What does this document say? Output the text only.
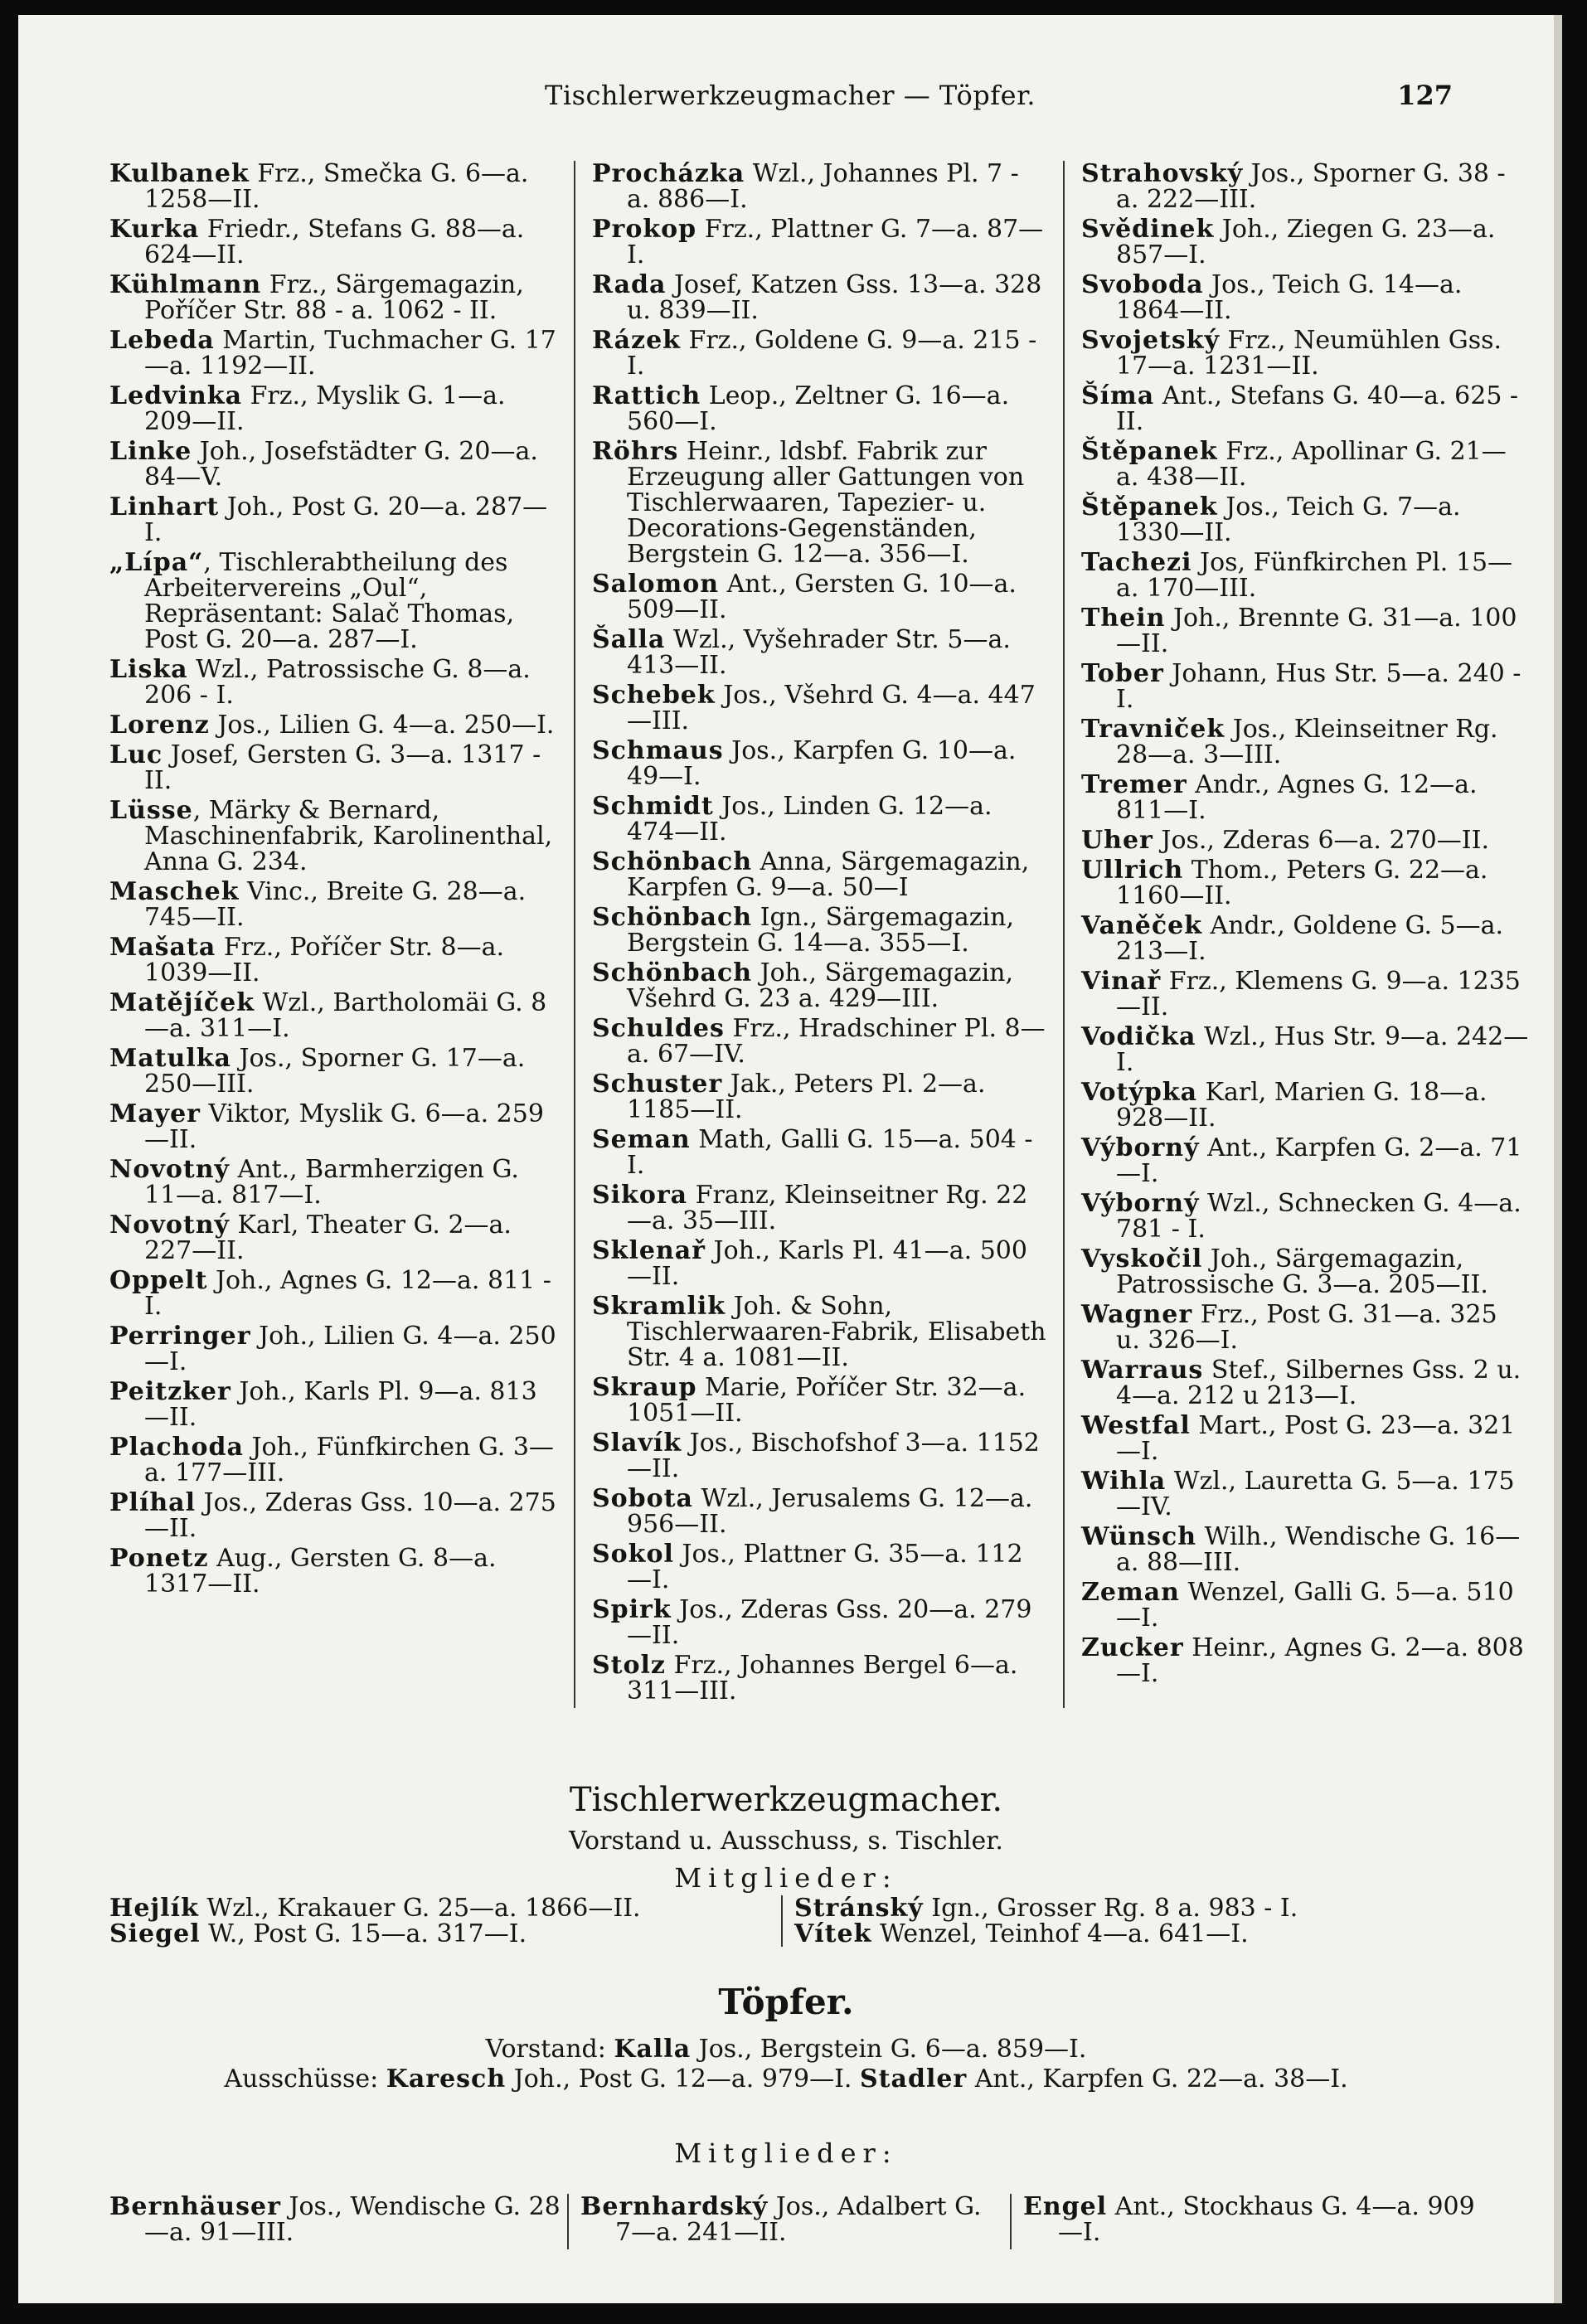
Tischlerwerkzeugmacher — Töpfer.	127
Kulbanek Frz., Smečka G. 6—a. 1258—II.
Kurka Friedr., Stefans G. 88—a. 624—II.
Kühlmann Frz., Särgemagazin, Poříčer Str. 88 - a. 1062 - II.
Lebeda Martin, Tuchmacher G. 17—a. 1192—II.
Ledvinka Frz., Myslik G. 1—a. 209—II.
Linke Joh., Josefstädter G. 20—a. 84—V.
Linhart Joh., Post G. 20—a. 287—I.
„Lípa“, Tischlerabtheilung des Arbeitervereins „Oul“, Repräsentant: Salač Thomas, Post G. 20—a. 287—I.
Liska Wzl., Patrossische G. 8—a. 206 - I.
Lorenz Jos., Lilien G. 4—a. 250—I.
Luc Josef, Gersten G. 3—a. 1317 - II.
Lüsse, Märky & Bernard, Maschinenfabrik, Karolinenthal, Anna G. 234.
Maschek Vinc., Breite G. 28—a. 745—II.
Mašata Frz., Poříčer Str. 8—a. 1039—II.
Matějíček Wzl., Bartholomäi G. 8—a. 311—I.
Matulka Jos., Sporner G. 17—a. 250—III.
Mayer Viktor, Myslik G. 6—a. 259—II.
Novotný Ant., Barmherzigen G. 11—a. 817—I.
Novotný Karl, Theater G. 2—a. 227—II.
Oppelt Joh., Agnes G. 12—a. 811 - I.
Perringer Joh., Lilien G. 4—a. 250—I.
Peitzker Joh., Karls Pl. 9—a. 813—II.
Plachoda Joh., Fünfkirchen G. 3—a. 177—III.
Plíhal Jos., Zderas Gss. 10—a. 275—II.
Ponetz Aug., Gersten G. 8—a. 1317—II.
Procházka Wzl., Johannes Pl. 7 - a. 886—I.
Prokop Frz., Plattner G. 7—a. 87—I.
Rada Josef, Katzen Gss. 13—a. 328 u. 839—II.
Rázek Frz., Goldene G. 9—a. 215 - I.
Rattich Leop., Zeltner G. 16—a. 560—I.
Röhrs Heinr., ldsbf. Fabrik zur Erzeugung aller Gattungen von Tischlerwaaren, Tapezier- u. Decorations-Gegenständen, Bergstein G. 12—a. 356—I.
Salomon Ant., Gersten G. 10—a. 509—II.
Šalla Wzl., Vyšehrader Str. 5—a. 413—II.
Schebek Jos., Všehrd G. 4—a. 447—III.
Schmaus Jos., Karpfen G. 10—a. 49—I.
Schmidt Jos., Linden G. 12—a. 474—II.
Schönbach Anna, Särgemagazin, Karpfen G. 9—a. 50—I
Schönbach Ign., Särgemagazin, Bergstein G. 14—a. 355—I.
Schönbach Joh., Särgemagazin, Všehrd G. 23 a. 429—III.
Schuldes Frz., Hradschiner Pl. 8—a. 67—IV.
Schuster Jak., Peters Pl. 2—a. 1185—II.
Seman Math, Galli G. 15—a. 504 - I.
Sikora Franz, Kleinseitner Rg. 22—a. 35—III.
Sklenař Joh., Karls Pl. 41—a. 500—II.
Skramlik Joh. & Sohn, Tischlerwaaren-Fabrik, Elisabeth Str. 4 a. 1081—II.
Skraup Marie, Poříčer Str. 32—a. 1051—II.
Slavík Jos., Bischofshof 3—a. 1152—II.
Sobota Wzl., Jerusalems G. 12—a. 956—II.
Sokol Jos., Plattner G. 35—a. 112—I.
Spirk Jos., Zderas Gss. 20—a. 279—II.
Stolz Frz., Johannes Bergel 6—a. 311—III.
Strahovský Jos., Sporner G. 38 - a. 222—III.
Svědinek Joh., Ziegen G. 23—a. 857—I.
Svoboda Jos., Teich G. 14—a. 1864—II.
Svojetský Frz., Neumühlen Gss. 17—a. 1231—II.
Šíma Ant., Stefans G. 40—a. 625 - II.
Štěpanek Frz., Apollinar G. 21—a. 438—II.
Štěpanek Jos., Teich G. 7—a. 1330—II.
Tachezi Jos, Fünfkirchen Pl. 15—a. 170—III.
Thein Joh., Brennte G. 31—a. 100—II.
Tober Johann, Hus Str. 5—a. 240 - I.
Travniček Jos., Kleinseitner Rg. 28—a. 3—III.
Tremer Andr., Agnes G. 12—a. 811—I.
Uher Jos., Zderas 6—a. 270—II.
Ullrich Thom., Peters G. 22—a. 1160—II.
Vaněček Andr., Goldene G. 5—a. 213—I.
Vinař Frz., Klemens G. 9—a. 1235—II.
Vodička Wzl., Hus Str. 9—a. 242—I.
Votýpka Karl, Marien G. 18—a. 928—II.
Výborný Ant., Karpfen G. 2—a. 71—I.
Výborný Wzl., Schnecken G. 4—a. 781 - I.
Vyskočil Joh., Särgemagazin, Patrossische G. 3—a. 205—II.
Wagner Frz., Post G. 31—a. 325 u. 326—I.
Warraus Stef., Silbernes Gss. 2 u. 4—a. 212 u 213—I.
Westfal Mart., Post G. 23—a. 321—I.
Wihla Wzl., Lauretta G. 5—a. 175—IV.
Wünsch Wilh., Wendische G. 16—a. 88—III.
Zeman Wenzel, Galli G. 5—a. 510—I.
Zucker Heinr., Agnes G. 2—a. 808—I.
Tischlerwerkzeugmacher.
Vorstand u. Ausschuss, s. Tischler.
Mitglieder:
Hejlík Wzl., Krakauer G. 25—a. 1866—II.
Siegel W., Post G. 15—a. 317—I.
Stránský Ign., Grosser Rg. 8 a. 983 - I.
Vítek Wenzel, Teinhof 4—a. 641—I.
Töpfer.
Vorstand: Kalla Jos., Bergstein G. 6—a. 859—I.
Ausschüsse: Karesch Joh., Post G. 12—a. 979—I. Stadler Ant., Karpfen G. 22—a. 38—I.
Mitglieder:
Bernhäuser Jos., Wendische G. 28—a. 91—III.
Bernhardský Jos., Adalbert G. 7—a. 241—II.
Engel Ant., Stockhaus G. 4—a. 909—I.
